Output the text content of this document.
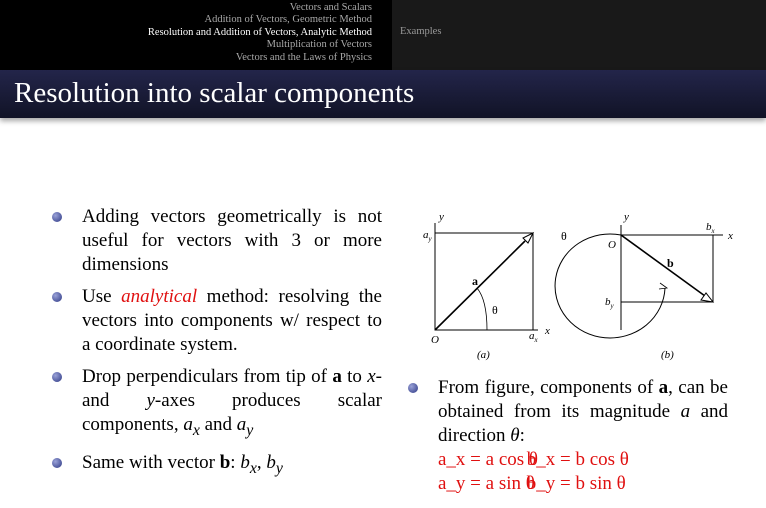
Vectors and Scalars
Addition of Vectors, Geometric Method
Resolution and Addition of Vectors, Analytic Method
Multiplication of Vectors
Vectors and the Laws of Physics
Examples
Resolution into scalar components
Adding vectors geometrically is not useful for vectors with 3 or more dimensions
Use analytical method: resolving the vectors into components w/ respect to a coordinate system.
Drop perpendiculars from tip of a to x- and y-axes produces scalar components, $a_x$ and $a_y$
Same with vector b: $b_x$, $b_y$
y
x
$a_y$
$a_x$
a
θ
O
(a)
θ
y
x
O
b
$b_x$
$b_y$
(b)
From figure, components of a, can be obtained from its magnitude a and direction θ:
a_x = a cos θ b_x = b cos θ
a_y = a sin θ b_y = b sin θ
